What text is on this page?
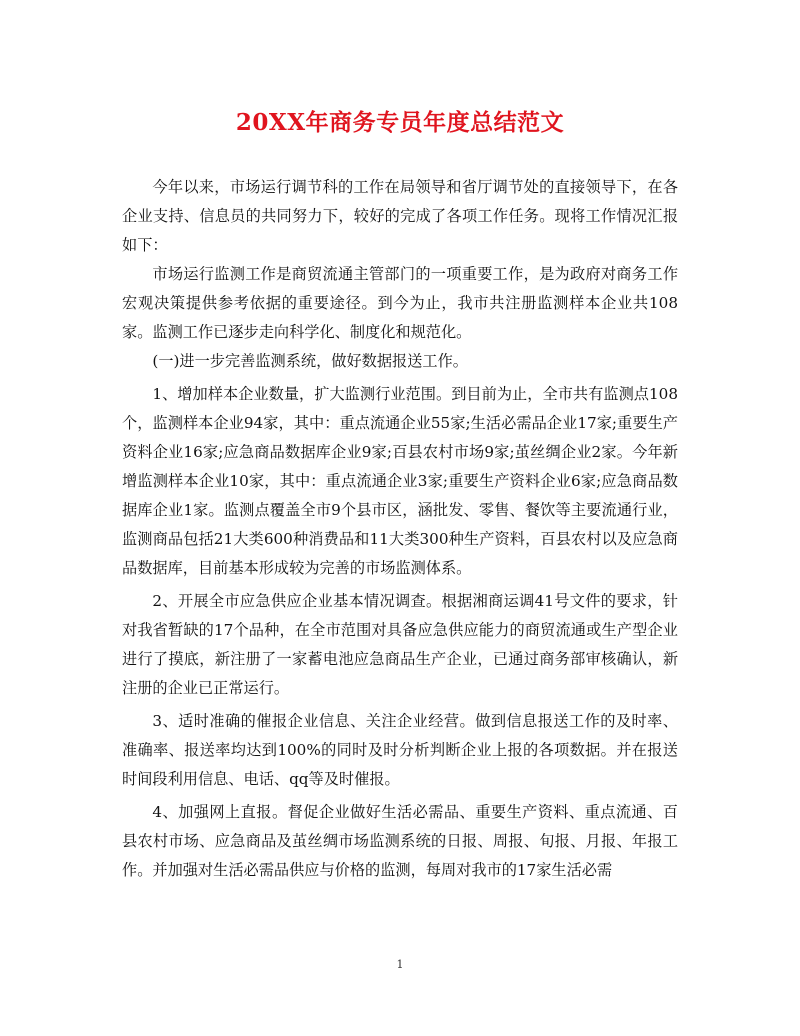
20XX年商务专员年度总结范文

今年以来，市场运行调节科的工作在局领导和省厅调节处的直接领导下，在各企业支持、信息员的共同努力下，较好的完成了各项工作任务。现将工作情况汇报如下：

市场运行监测工作是商贸流通主管部门的一项重要工作，是为政府对商务工作宏观决策提供参考依据的重要途径。到今为止，我市共注册监测样本企业共108家。监测工作已逐步走向科学化、制度化和规范化。

(一)进一步完善监测系统，做好数据报送工作。

1、增加样本企业数量，扩大监测行业范围。到目前为止，全市共有监测点108个，监测样本企业94家，其中：重点流通企业55家;生活必需品企业17家;重要生产资料企业16家;应急商品数据库企业9家;百县农村市场9家;茧丝绸企业2家。今年新增监测样本企业10家，其中：重点流通企业3家;重要生产资料企业6家;应急商品数据库企业1家。监测点覆盖全市9个县市区，涵批发、零售、餐饮等主要流通行业，监测商品包括21大类600种消费品和11大类300种生产资料，百县农村以及应急商品数据库，目前基本形成较为完善的市场监测体系。

2、开展全市应急供应企业基本情况调查。根据湘商运调41号文件的要求，针对我省暂缺的17个品种，在全市范围对具备应急供应能力的商贸流通或生产型企业进行了摸底，新注册了一家蓄电池应急商品生产企业，已通过商务部审核确认，新注册的企业已正常运行。

3、适时准确的催报企业信息、关注企业经营。做到信息报送工作的及时率、准确率、报送率均达到100%的同时及时分析判断企业上报的各项数据。并在报送时间段利用信息、电话、qq等及时催报。

4、加强网上直报。督促企业做好生活必需品、重要生产资料、重点流通、百县农村市场、应急商品及茧丝绸市场监测系统的日报、周报、旬报、月报、年报工作。并加强对生活必需品供应与价格的监测，每周对我市的17家生活必需

1
